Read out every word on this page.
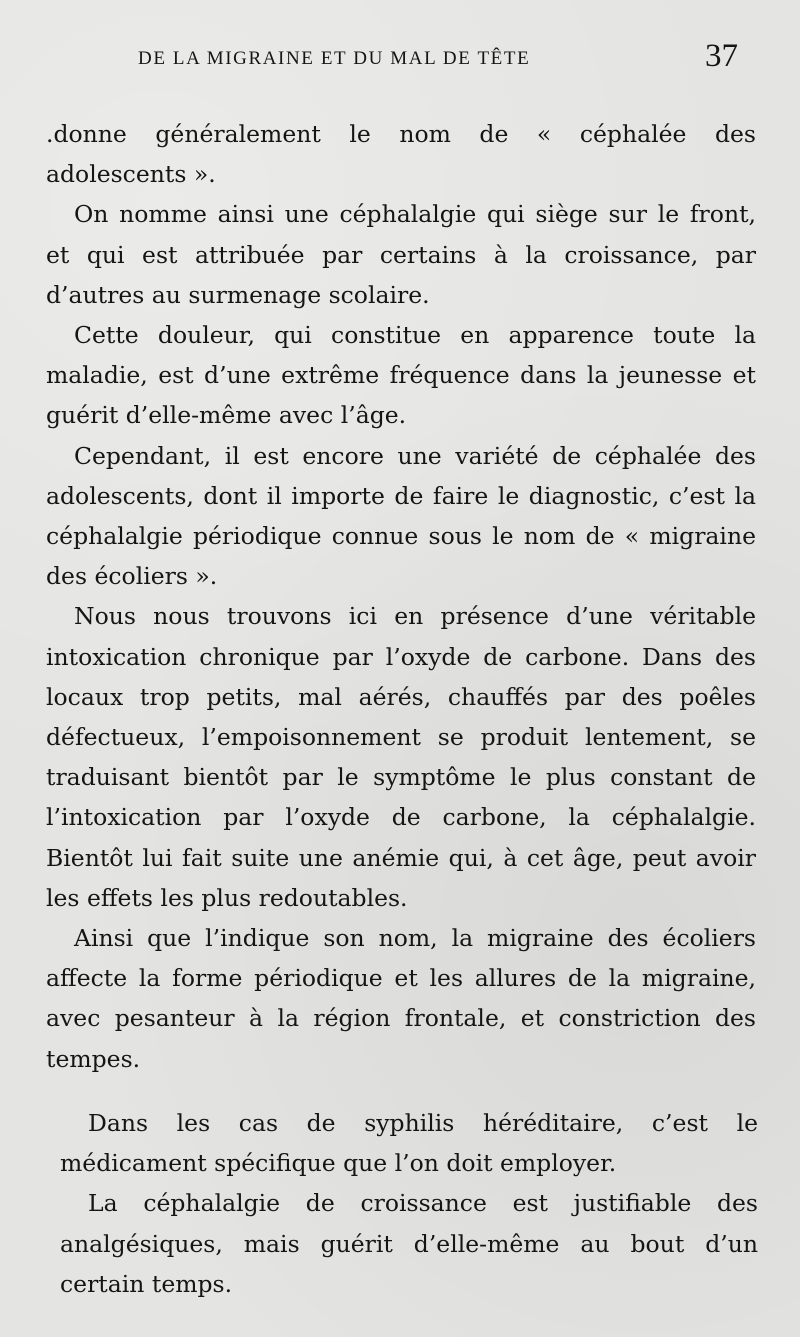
DE LA MIGRAINE ET DU MAL DE TÊTE	37

.donne généralement le nom de « céphalée des adolescents ».

On nomme ainsi une céphalalgie qui siège sur le front, et qui est attribuée par certains à la croissance, par d’autres au surmenage scolaire.

Cette douleur, qui constitue en apparence toute la maladie, est d’une extrême fréquence dans la jeunesse et guérit d’elle-même avec l’âge.

Cependant, il est encore une variété de céphalée des adolescents, dont il importe de faire le diagnostic, c’est la céphalalgie périodique connue sous le nom de « migraine des écoliers ».

Nous nous trouvons ici en présence d’une véritable intoxication chronique par l’oxyde de carbone. Dans des locaux trop petits, mal aérés, chauffés par des poêles défectueux, l’empoisonnement se produit lentement, se traduisant bientôt par le symptôme le plus constant de l’intoxication par l’oxyde de carbone, la céphalalgie. Bientôt lui fait suite une anémie qui, à cet âge, peut avoir les effets les plus redoutables.

Ainsi que l’indique son nom, la migraine des écoliers affecte la forme périodique et les allures de la migraine, avec pesanteur à la région frontale, et constriction des tempes.

Dans les cas de syphilis héréditaire, c’est le médicament spécifique que l’on doit employer.

La céphalalgie de croissance est justifiable des analgésiques, mais guérit d’elle-même au bout d’un certain temps.
